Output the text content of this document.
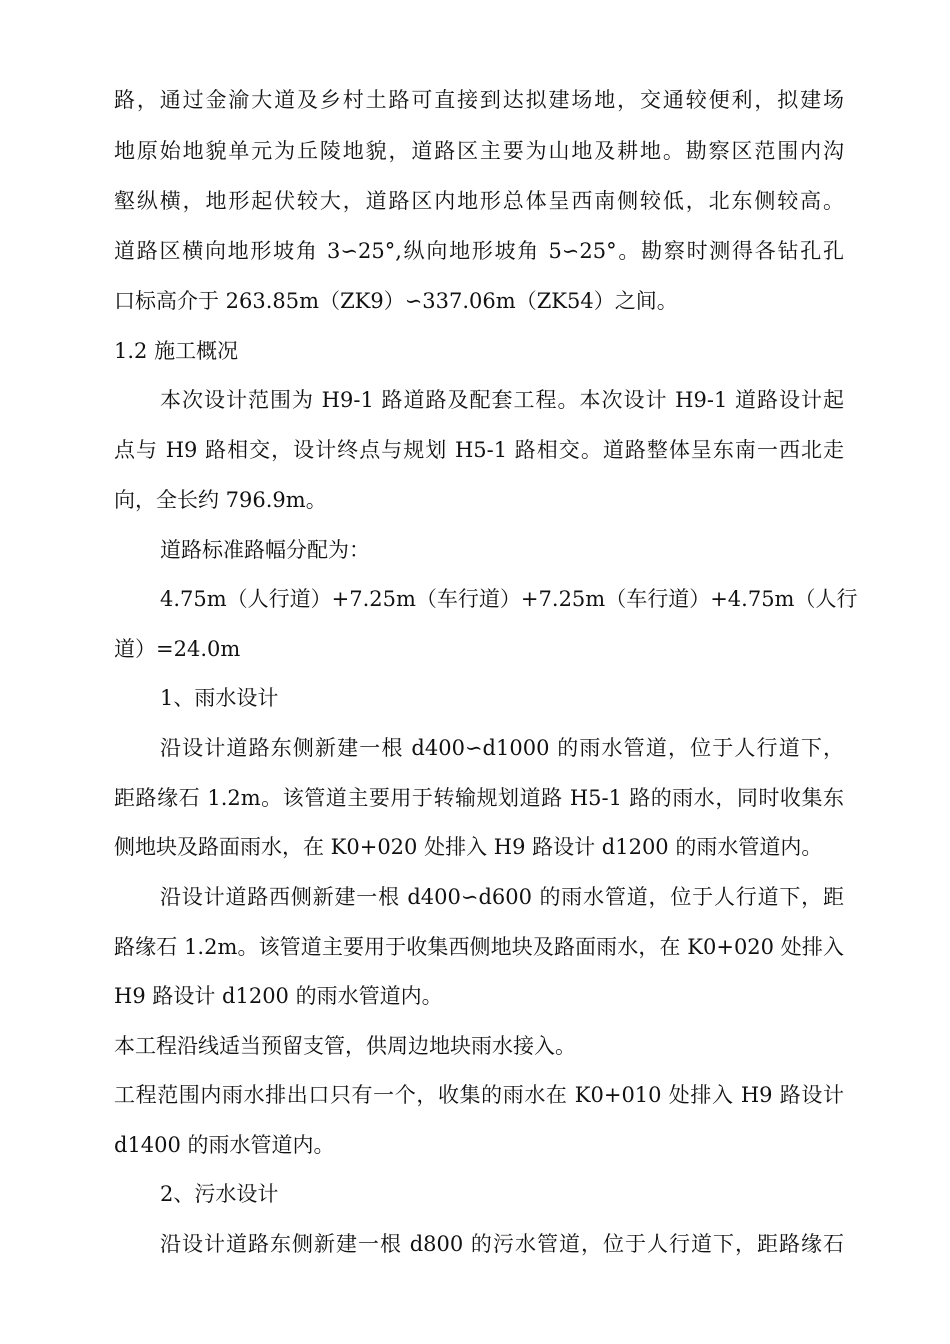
路，通过金渝大道及乡村土路可直接到达拟建场地，交通较便利，拟建场
地原始地貌单元为丘陵地貌，道路区主要为山地及耕地。勘察区范围内沟
壑纵横，地形起伏较大，道路区内地形总体呈西南侧较低，北东侧较高。
道路区横向地形坡角 3∽25°,纵向地形坡角 5∽25°。勘察时测得各钻孔孔
口标高介于 263.85m（ZK9）∽337.06m（ZK54）之间。
1.2 施工概况
本次设计范围为 H9-1 路道路及配套工程。本次设计 H9-1 道路设计起
点与 H9 路相交，设计终点与规划 H5-1 路相交。道路整体呈东南一西北走
向，全长约 796.9m。
道路标准路幅分配为：
4.75m（人行道）+7.25m（车行道）+7.25m（车行道）+4.75m（人行
道）=24.0m
1、雨水设计
沿设计道路东侧新建一根 d400∽d1000 的雨水管道，位于人行道下，
距路缘石 1.2m。该管道主要用于转输规划道路 H5-1 路的雨水，同时收集东
侧地块及路面雨水，在 K0+020 处排入 H9 路设计 d1200 的雨水管道内。
沿设计道路西侧新建一根 d400∽d600 的雨水管道，位于人行道下，距
路缘石 1.2m。该管道主要用于收集西侧地块及路面雨水，在 K0+020 处排入
H9 路设计 d1200 的雨水管道内。
本工程沿线适当预留支管，供周边地块雨水接入。
工程范围内雨水排出口只有一个，收集的雨水在 K0+010 处排入 H9 路设计
d1400 的雨水管道内。
2、污水设计
沿设计道路东侧新建一根 d800 的污水管道，位于人行道下，距路缘石
